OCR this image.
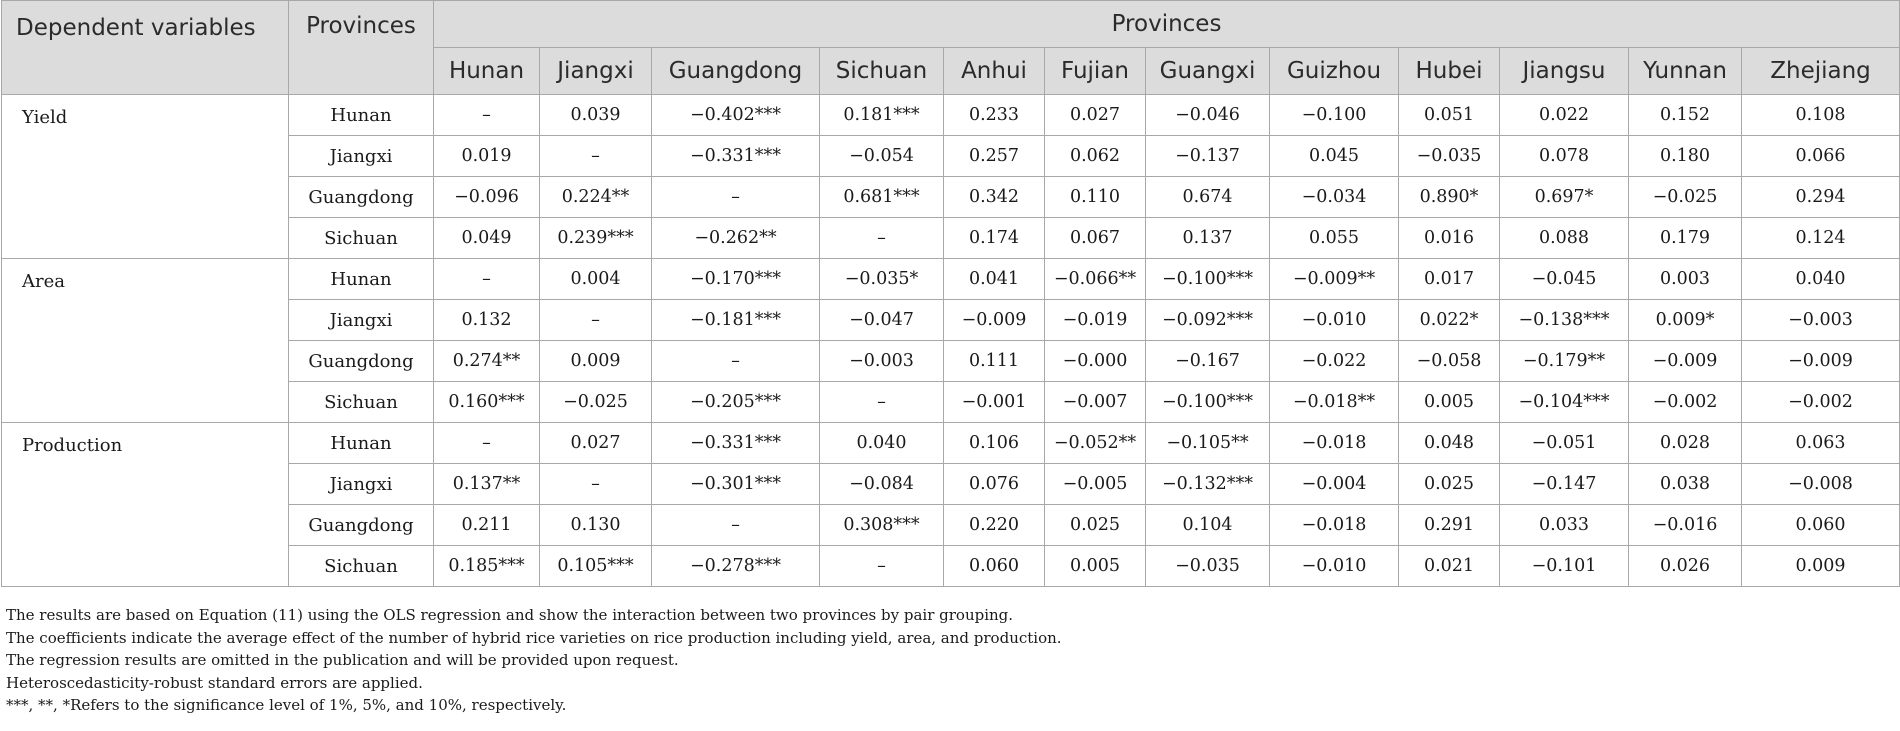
Dependent variables	Provinces	Provinces											
		Hunan	Jiangxi	Guangdong	Sichuan	Anhui	Fujian	Guangxi	Guizhou	Hubei	Jiangsu	Yunnan	Zhejiang
Yield	Hunan	–	0.039	−0.402***	0.181***	0.233	0.027	−0.046	−0.100	0.051	0.022	0.152	0.108
	Jiangxi	0.019	–	−0.331***	−0.054	0.257	0.062	−0.137	0.045	−0.035	0.078	0.180	0.066
	Guangdong	−0.096	0.224**	–	0.681***	0.342	0.110	0.674	−0.034	0.890*	0.697*	−0.025	0.294
	Sichuan	0.049	0.239***	−0.262**	–	0.174	0.067	0.137	0.055	0.016	0.088	0.179	0.124
Area	Hunan	–	0.004	−0.170***	−0.035*	0.041	−0.066**	−0.100***	−0.009**	0.017	−0.045	0.003	0.040
	Jiangxi	0.132	–	−0.181***	−0.047	−0.009	−0.019	−0.092***	−0.010	0.022*	−0.138***	0.009*	−0.003
	Guangdong	0.274**	0.009	–	−0.003	0.111	−0.000	−0.167	−0.022	−0.058	−0.179**	−0.009	−0.009
	Sichuan	0.160***	−0.025	−0.205***	–	−0.001	−0.007	−0.100***	−0.018**	0.005	−0.104***	−0.002	−0.002
Production	Hunan	–	0.027	−0.331***	0.040	0.106	−0.052**	−0.105**	−0.018	0.048	−0.051	0.028	0.063
	Jiangxi	0.137**	–	−0.301***	−0.084	0.076	−0.005	−0.132***	−0.004	0.025	−0.147	0.038	−0.008
	Guangdong	0.211	0.130	–	0.308***	0.220	0.025	0.104	−0.018	0.291	0.033	−0.016	0.060
	Sichuan	0.185***	0.105***	−0.278***	–	0.060	0.005	−0.035	−0.010	0.021	−0.101	0.026	0.009
The results are based on Equation (11) using the OLS regression and show the interaction between two provinces by pair grouping.
The coefficients indicate the average effect of the number of hybrid rice varieties on rice production including yield, area, and production.
The regression results are omitted in the publication and will be provided upon request.
Heteroscedasticity-robust standard errors are applied.
***, **, *Refers to the significance level of 1%, 5%, and 10%, respectively.
